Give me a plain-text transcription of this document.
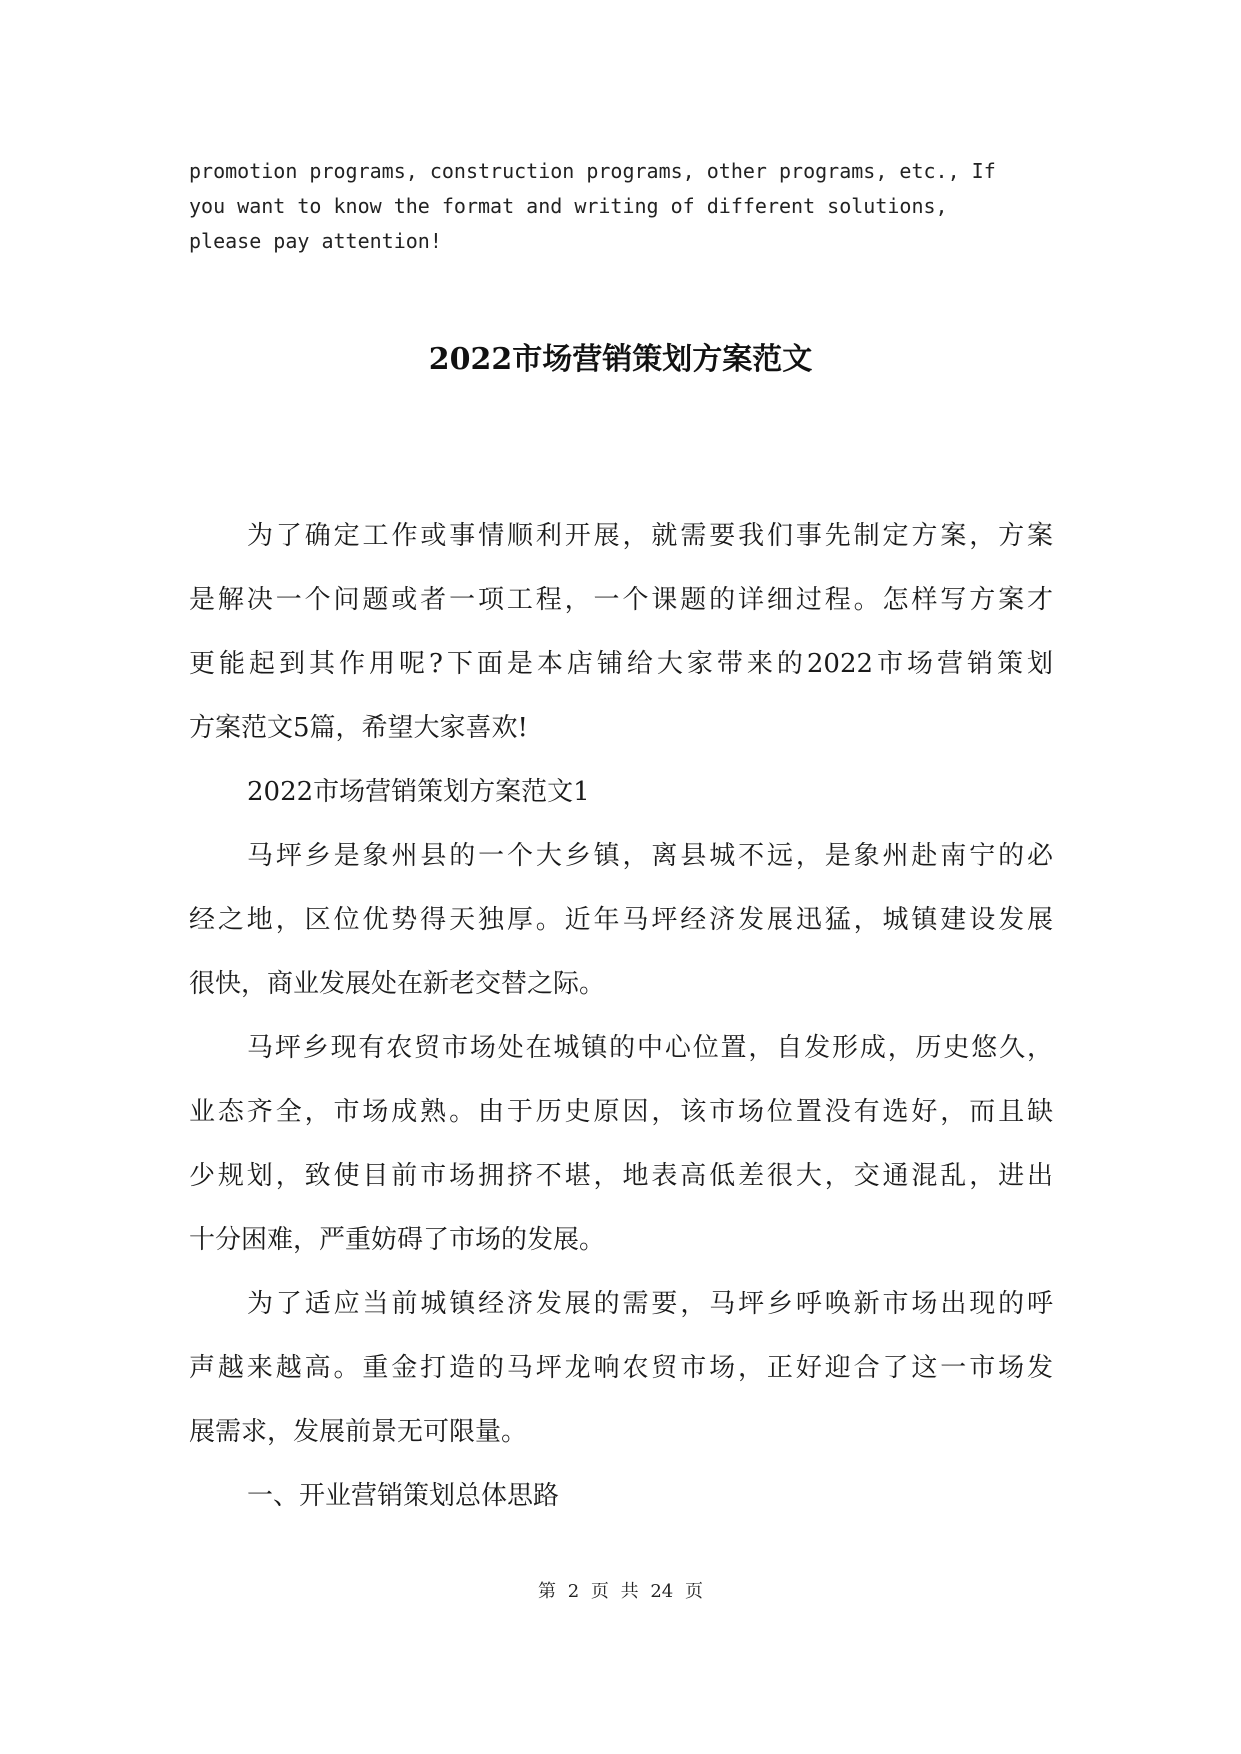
promotion programs, construction programs, other programs, etc., If
you want to know the format and writing of different solutions,
please pay attention!
2022市场营销策划方案范文
为了确定工作或事情顺利开展，就需要我们事先制定方案，方案
是解决一个问题或者一项工程，一个课题的详细过程。怎样写方案才
更能起到其作用呢?下面是本店铺给大家带来的2022市场营销策划
方案范文5篇，希望大家喜欢!
2022市场营销策划方案范文1
马坪乡是象州县的一个大乡镇，离县城不远，是象州赴南宁的必
经之地，区位优势得天独厚。近年马坪经济发展迅猛，城镇建设发展
很快，商业发展处在新老交替之际。
马坪乡现有农贸市场处在城镇的中心位置，自发形成，历史悠久，
业态齐全，市场成熟。由于历史原因，该市场位置没有选好，而且缺
少规划，致使目前市场拥挤不堪，地表高低差很大，交通混乱，进出
十分困难，严重妨碍了市场的发展。
为了适应当前城镇经济发展的需要，马坪乡呼唤新市场出现的呼
声越来越高。重金打造的马坪龙响农贸市场，正好迎合了这一市场发
展需求，发展前景无可限量。
一、开业营销策划总体思路
第 2 页 共 24 页
